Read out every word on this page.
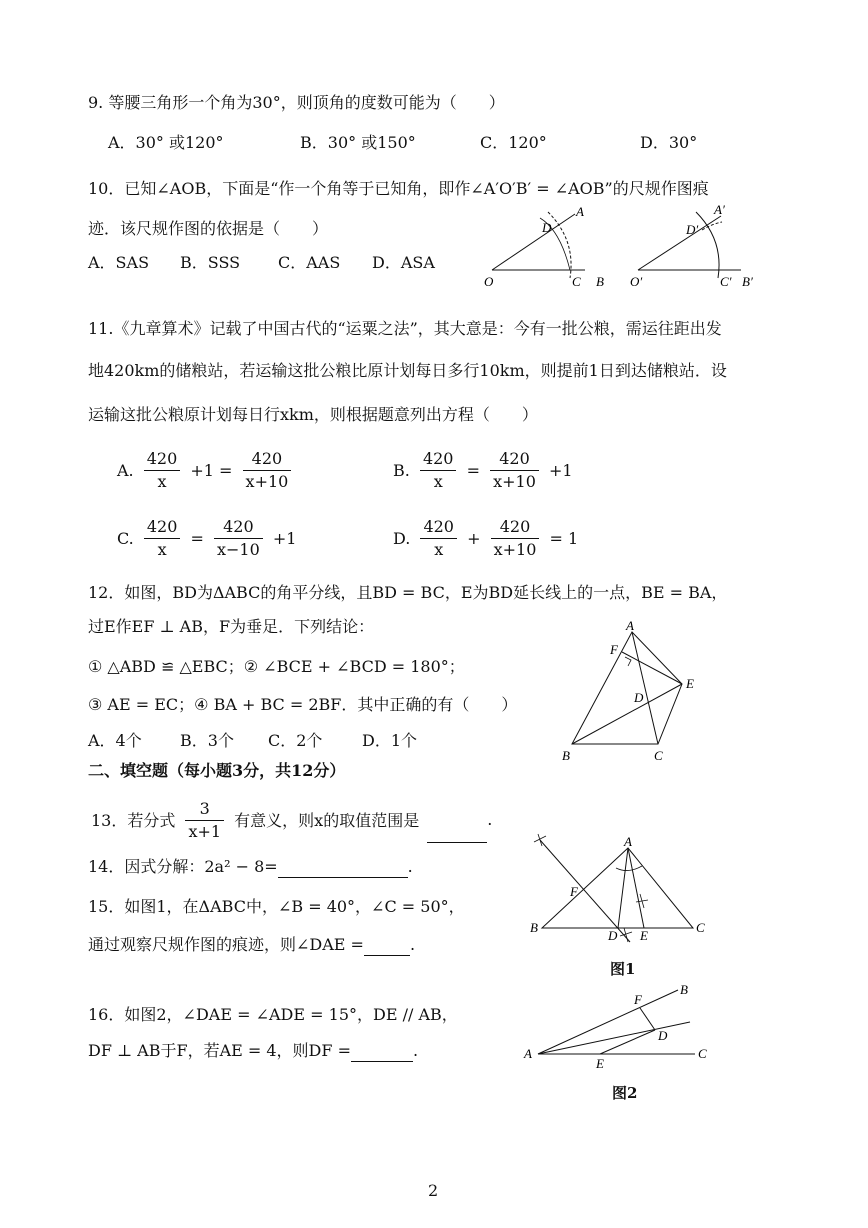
9. 等腰三角形一个角为30°，则顶角的度数可能为（　　）
A．30° 或120°	B．30° 或150°	C．120°	D．30°
10．已知∠AOB，下面是“作一个角等于已知角，即作∠A′O′B′ = ∠AOB”的尺规作图痕
迹．该尺规作图的依据是（　　）
A．SAS B．SSS C．AAS D．ASA
A
D
O	C B
A′
D′
O′	C′ B′
11.《九章算术》记载了中国古代的“运粟之法”，其大意是：今有一批公粮，需运往距出发
地420km的储粮站，若运输这批公粮比原计划每日多行10km，则提前1日到达储粮站．设
运输这批公粮原计划每日行xkm，则根据题意列出方程（　　）
A. $\frac{420}{x} +1 = \frac{420}{x+10}$	B. $\frac{420}{x} = \frac{420}{x+10} +1$
C. $\frac{420}{x} = \frac{420}{x-10} +1$	D. $\frac{420}{x} + \frac{420}{x+10} = 1$
12．如图，BD为ΔABC的角平分线，且BD = BC，E为BD延长线上的一点，BE = BA，
过E作EF ⊥ AB，F为垂足．下列结论：
① △ABD ≌ △EBC；② ∠BCE + ∠BCD = 180°；
③ AE = EC；④ BA + BC = 2BF．其中正确的有（　　）
A．4个 B．3个 C．2个 D．1个
A
F
E
D
B	C
二、填空题（每小题3分，共12分）
13．若分式 $\frac{3}{x+1}$ 有意义，则x的取值范围是	.
14．因式分解：2a² − 8=	.
15．如图1，在ΔABC中，∠B = 40°，∠C = 50°，
通过观察尺规作图的痕迹，则∠DAE =	.
A
F
B
D E
C
图1
16．如图2，∠DAE = ∠ADE = 15°，DE // AB，
DF ⊥ AB于F，若AE = 4，则DF =	.
B
F
D
A
E
C
图2
2
